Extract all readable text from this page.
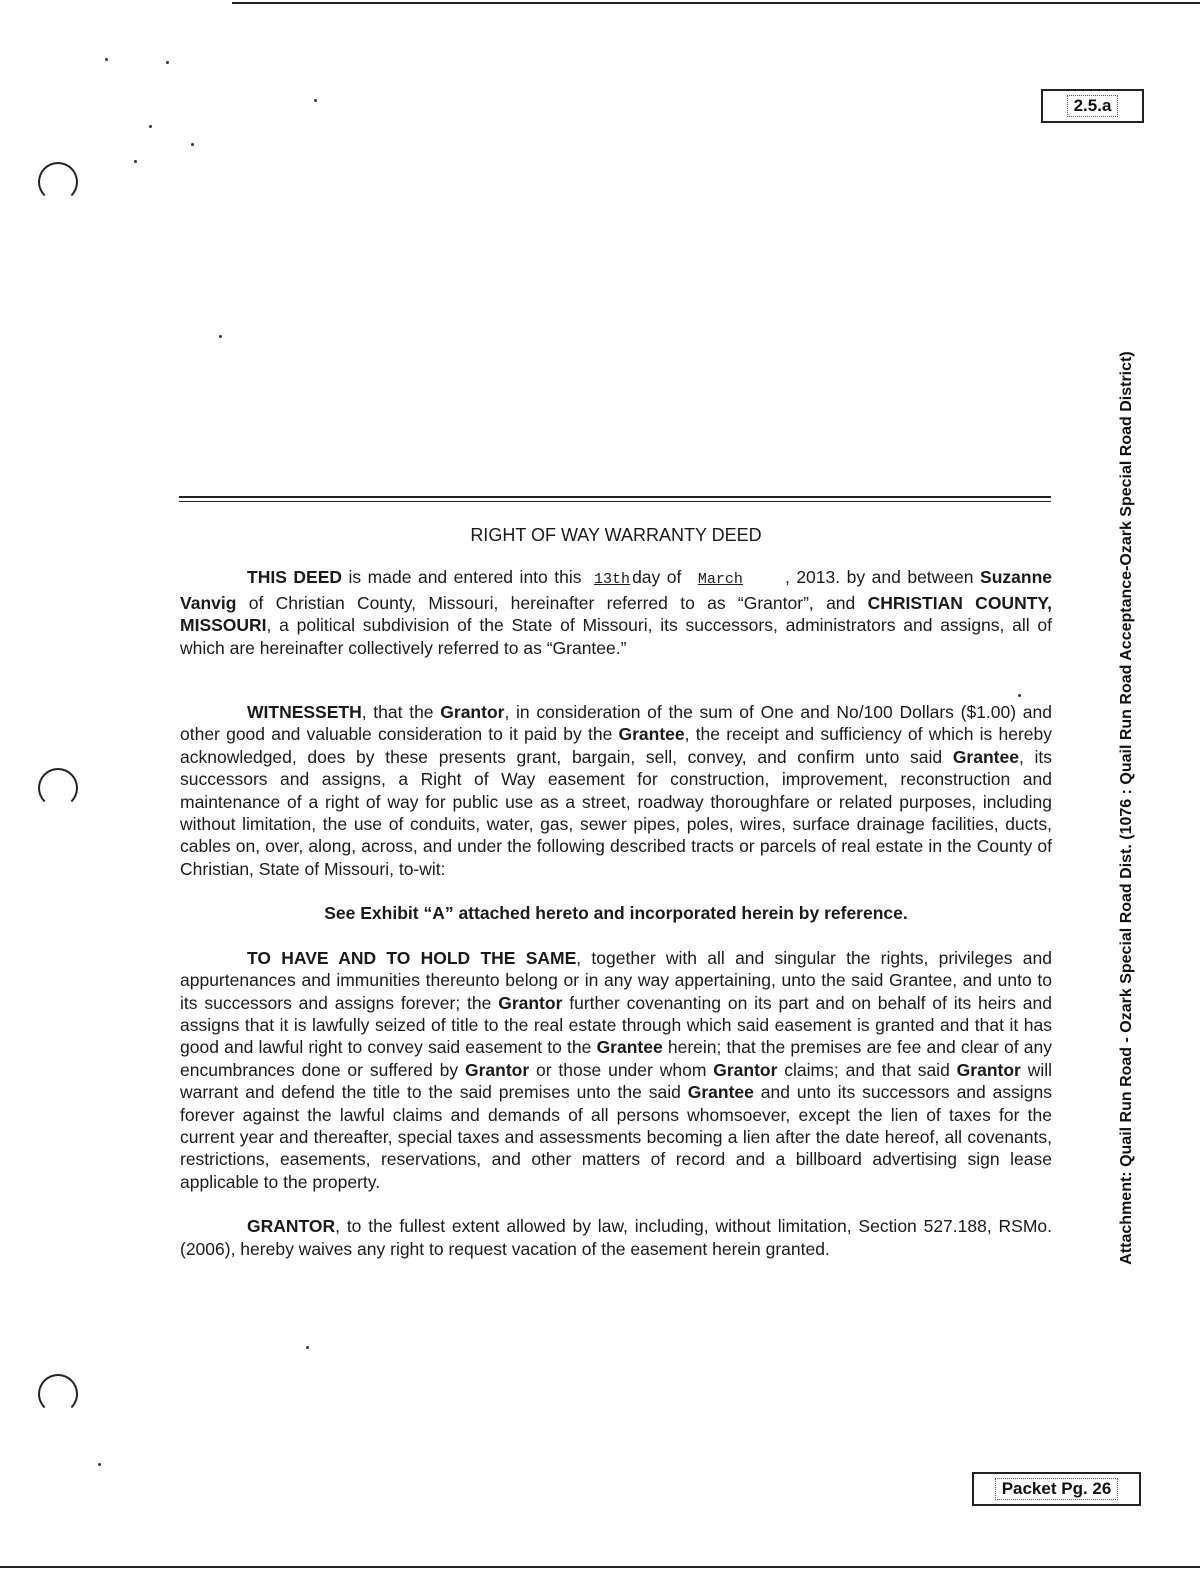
2.5.a
Attachment: Quail Run Road - Ozark Special Road Dist. (1076 : Quail Run Road Acceptance-Ozark Special Road District)
RIGHT OF WAY WARRANTY DEED

THIS DEED is made and entered into this 13th day of March , 2013. by and between Suzanne Vanvig of Christian County, Missouri, hereinafter referred to as “Grantor”, and CHRISTIAN COUNTY, MISSOURI, a political subdivision of the State of Missouri, its successors, administrators and assigns, all of which are hereinafter collectively referred to as “Grantee.”

WITNESSETH, that the Grantor, in consideration of the sum of One and No/100 Dollars ($1.00) and other good and valuable consideration to it paid by the Grantee, the receipt and sufficiency of which is hereby acknowledged, does by these presents grant, bargain, sell, convey, and confirm unto said Grantee, its successors and assigns, a Right of Way easement for construction, improvement, reconstruction and maintenance of a right of way for public use as a street, roadway thoroughfare or related purposes, including without limitation, the use of conduits, water, gas, sewer pipes, poles, wires, surface drainage facilities, ducts, cables on, over, along, across, and under the following described tracts or parcels of real estate in the County of Christian, State of Missouri, to-wit:

See Exhibit “A” attached hereto and incorporated herein by reference.

TO HAVE AND TO HOLD THE SAME, together with all and singular the rights, privileges and appurtenances and immunities thereunto belong or in any way appertaining, unto the said Grantee, and unto to its successors and assigns forever; the Grantor further covenanting on its part and on behalf of its heirs and assigns that it is lawfully seized of title to the real estate through which said easement is granted and that it has good and lawful right to convey said easement to the Grantee herein; that the premises are fee and clear of any encumbrances done or suffered by Grantor or those under whom Grantor claims; and that said Grantor will warrant and defend the title to the said premises unto the said Grantee and unto its successors and assigns forever against the lawful claims and demands of all persons whomsoever, except the lien of taxes for the current year and thereafter, special taxes and assessments becoming a lien after the date hereof, all covenants, restrictions, easements, reservations, and other matters of record and a billboard advertising sign lease applicable to the property.

GRANTOR, to the fullest extent allowed by law, including, without limitation, Section 527.188, RSMo. (2006), hereby waives any right to request vacation of the easement herein granted.

Packet Pg. 26
